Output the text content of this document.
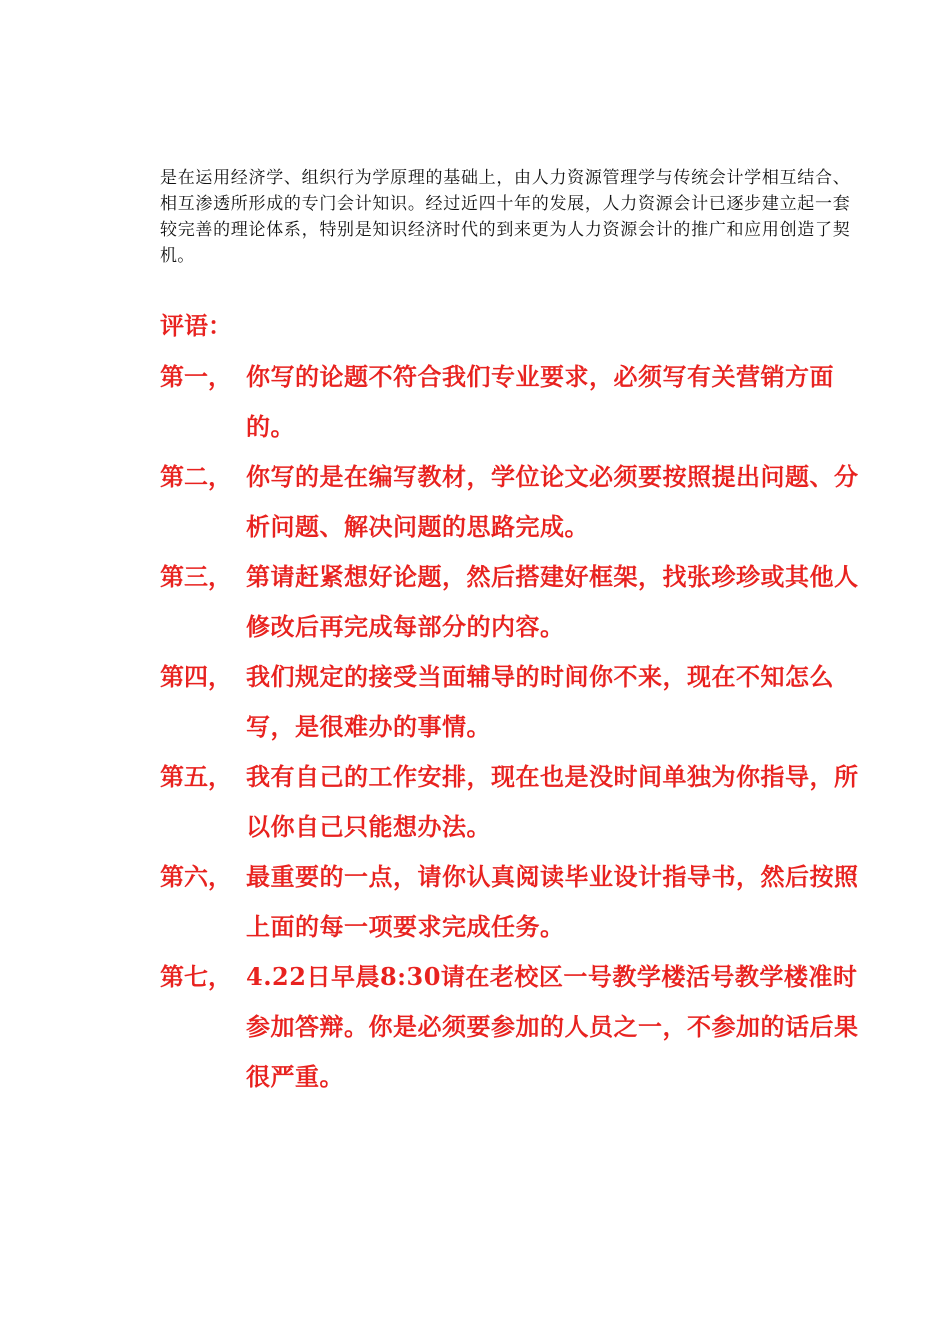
是在运用经济学、组织行为学原理的基础上，由人力资源管理学与传统会计学相互结合、相互渗透所形成的专门会计知识。经过近四十年的发展，人力资源会计已逐步建立起一套较完善的理论体系，特别是知识经济时代的到来更为人力资源会计的推广和应用创造了契机。

评语：
第一， 你写的论题不符合我们专业要求，必须写有关营销方面的。
第二， 你写的是在编写教材，学位论文必须要按照提出问题、分析问题、解决问题的思路完成。
第三， 第请赶紧想好论题，然后搭建好框架，找张珍珍或其他人修改后再完成每部分的内容。
第四， 我们规定的接受当面辅导的时间你不来，现在不知怎么写，是很难办的事情。
第五， 我有自己的工作安排，现在也是没时间单独为你指导，所以你自己只能想办法。
第六， 最重要的一点，请你认真阅读毕业设计指导书，然后按照上面的每一项要求完成任务。
第七， 4.22日早晨8:30请在老校区一号教学楼活号教学楼准时参加答辩。你是必须要参加的人员之一，不参加的话后果很严重。
